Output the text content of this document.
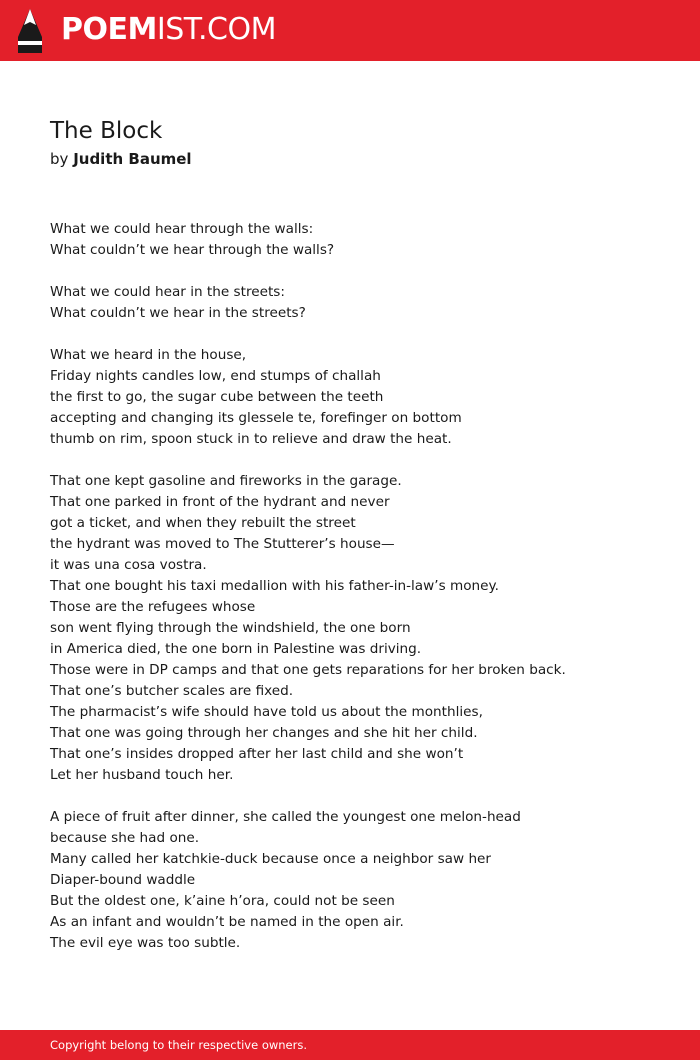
POEMIST.COM
The Block
by Judith Baumel
What we could hear through the walls:
What couldn’t we hear through the walls?
What we could hear in the streets:
What couldn’t we hear in the streets?
What we heard in the house,
Friday nights candles low, end stumps of challah
the first to go, the sugar cube between the teeth
accepting and changing its glessele te, forefinger on bottom
thumb on rim, spoon stuck in to relieve and draw the heat.
That one kept gasoline and fireworks in the garage.
That one parked in front of the hydrant and never
got a ticket, and when they rebuilt the street
the hydrant was moved to The Stutterer’s house—
it was una cosa vostra.
That one bought his taxi medallion with his father-in-law’s money.
Those are the refugees whose
son went flying through the windshield, the one born
in America died, the one born in Palestine was driving.
Those were in DP camps and that one gets reparations for her broken back.
That one’s butcher scales are fixed.
The pharmacist’s wife should have told us about the monthlies,
That one was going through her changes and she hit her child.
That one’s insides dropped after her last child and she won’t
Let her husband touch her.
A piece of fruit after dinner, she called the youngest one melon-head
because she had one.
Many called her katchkie-duck because once a neighbor saw her
Diaper-bound waddle
But the oldest one, k’aine h’ora, could not be seen
As an infant and wouldn’t be named in the open air.
The evil eye was too subtle.
Copyright belong to their respective owners.
